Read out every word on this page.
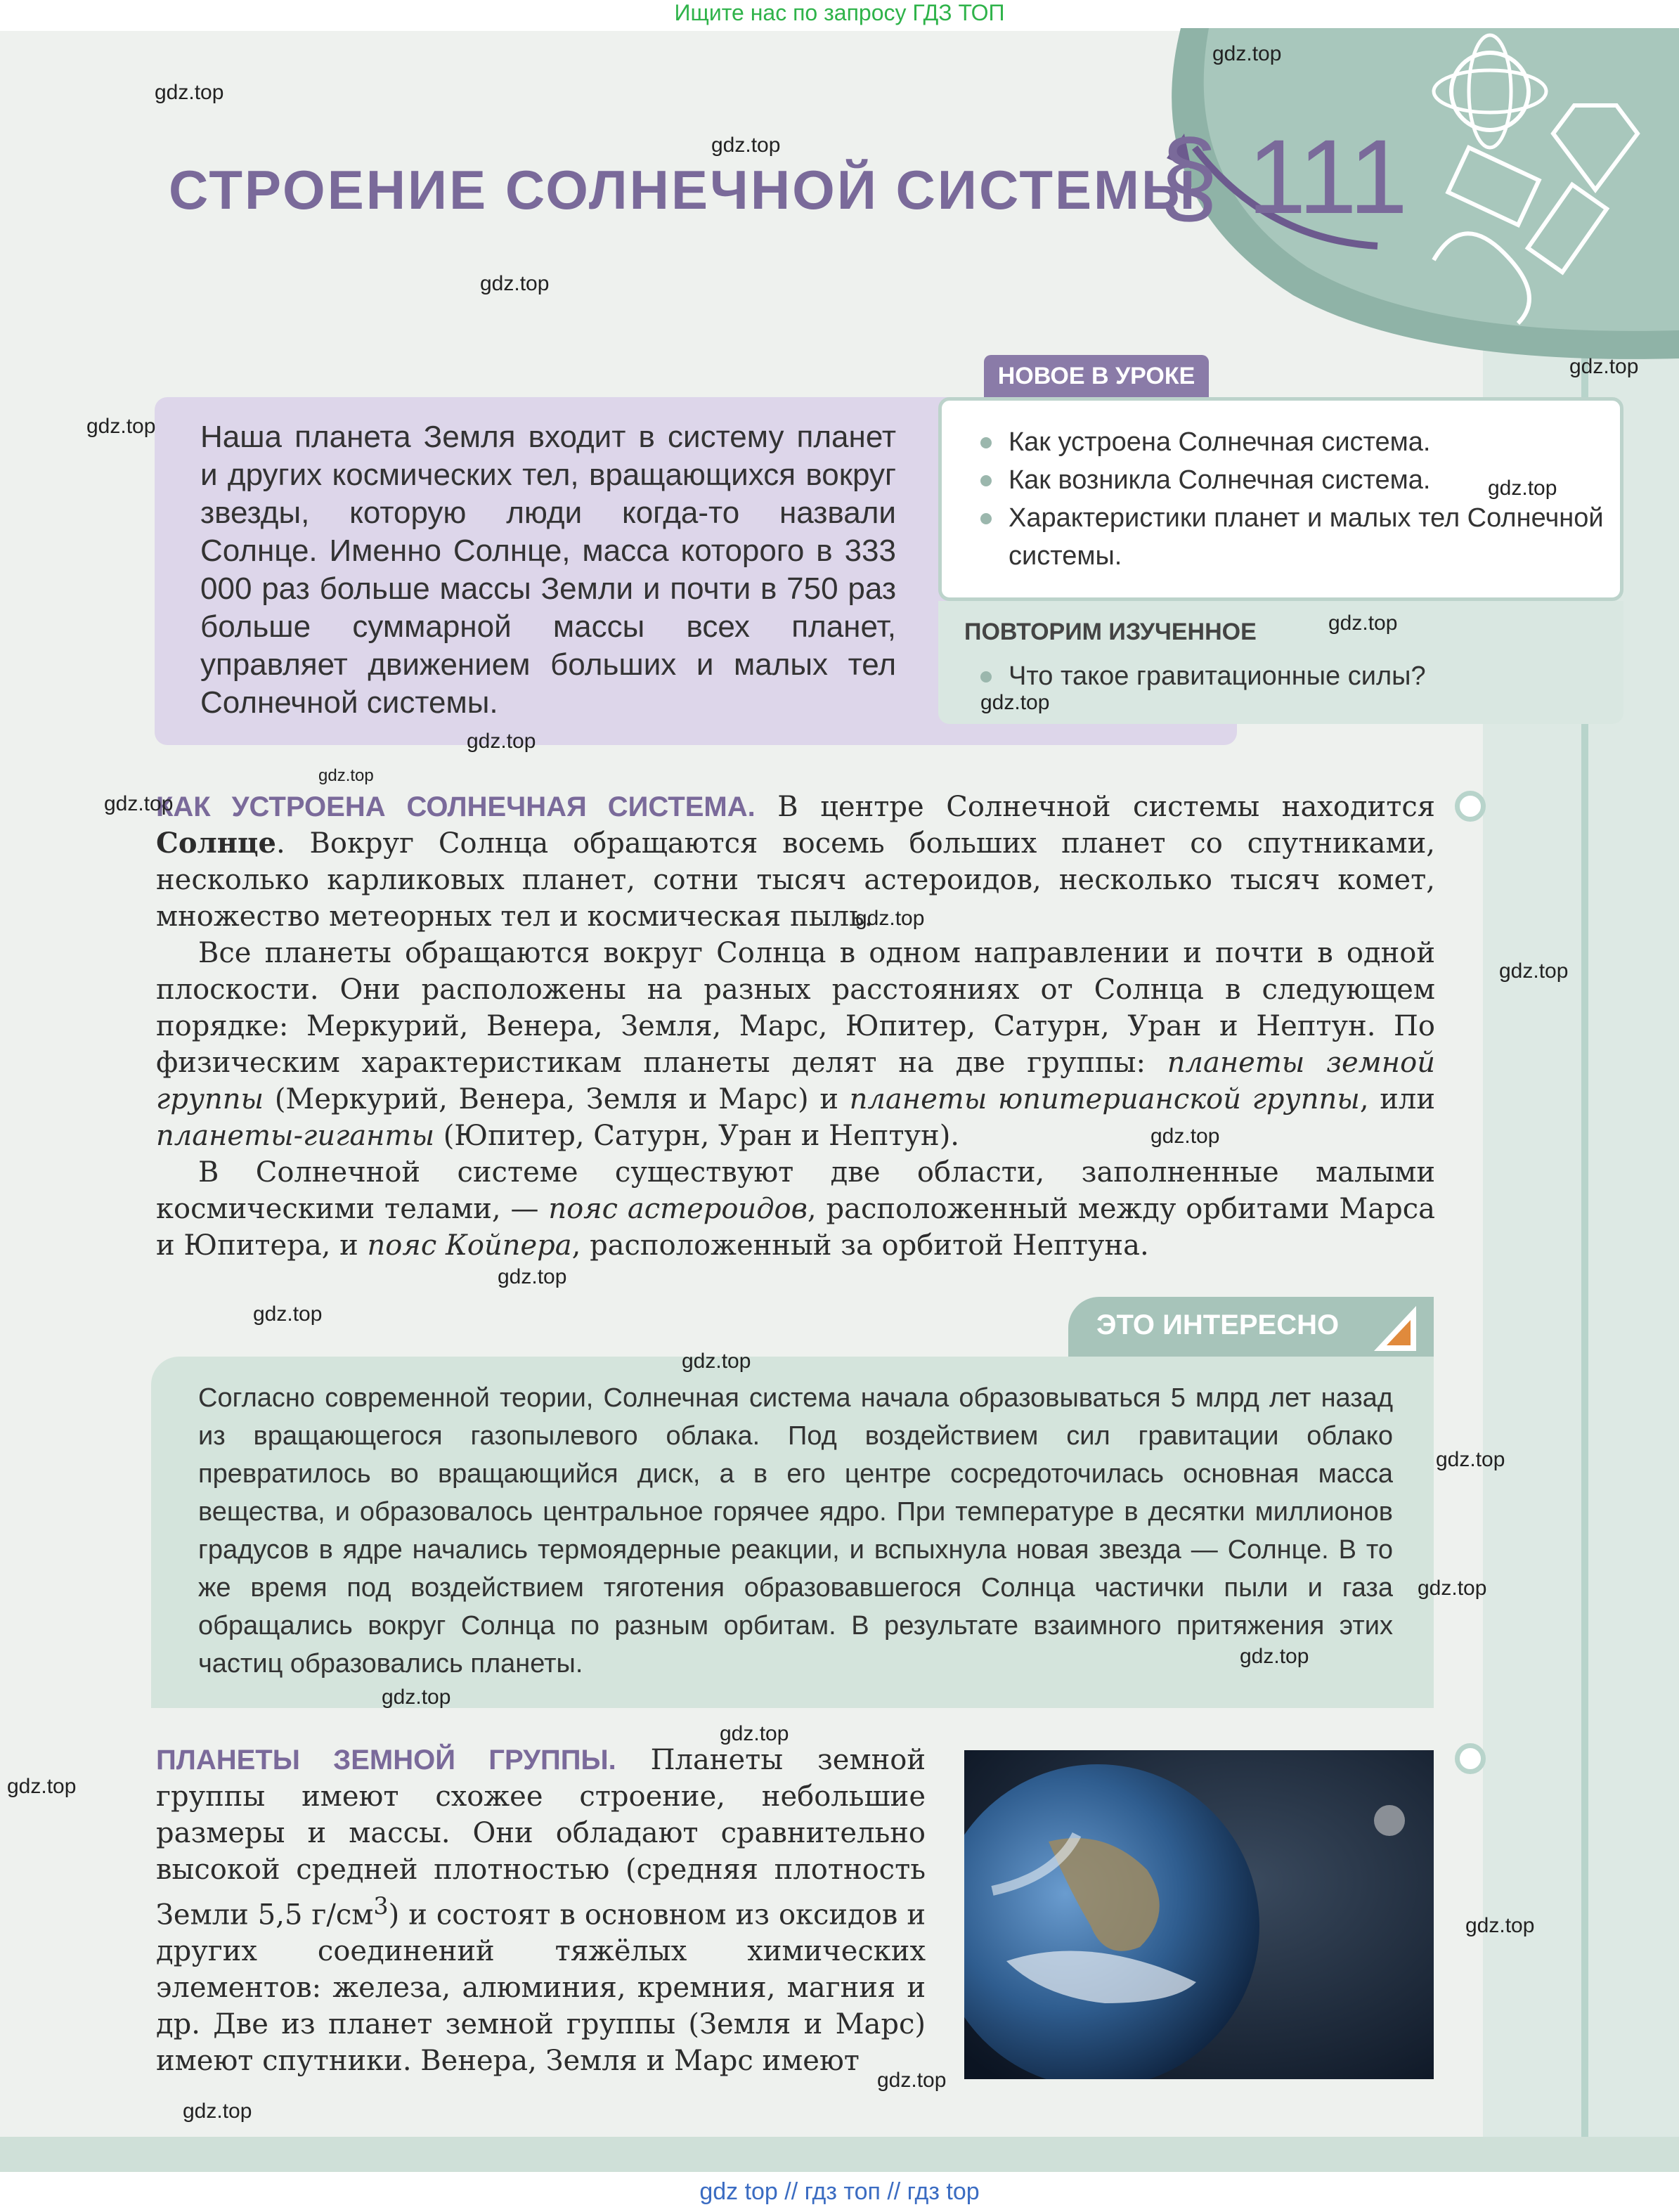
Ищите нас по запросу ГДЗ ТОП
СТРОЕНИЕ СОЛНЕЧНОЙ СИСТЕМЫ
§ 111
Наша планета Земля входит в систему планет и других космических тел, вращающихся вокруг звезды, которую люди когда-то назвали Солнце. Именно Солнце, масса которого в 333 000 раз больше массы Земли и почти в 750 раз больше суммарной массы всех планет, управляет движением больших и малых тел Солнечной системы.
НОВОЕ В УРОКЕ
Как устроена Солнечная система.
Как возникла Солнечная система.
Характеристики планет и малых тел Солнечной системы.
ПОВТОРИМ ИЗУЧЕННОЕ
Что такое гравитационные силы?

КАК УСТРОЕНА СОЛНЕЧНАЯ СИСТЕМА. В центре Солнечной системы находится Солнце. Вокруг Солнца обращаются восемь больших планет со спутниками, несколько карликовых планет, сотни тысяч астероидов, несколько тысяч комет, множество метеорных тел и космическая пыль.

Все планеты обращаются вокруг Солнца в одном направлении и почти в одной плоскости. Они расположены на разных расстояниях от Солнца в следующем порядке: Меркурий, Венера, Земля, Марс, Юпитер, Сатурн, Уран и Нептун. По физическим характеристикам планеты делят на две группы: планеты земной группы (Меркурий, Венера, Земля и Марс) и планеты юпитерианской группы, или планеты-гиганты (Юпитер, Сатурн, Уран и Нептун).

В Солнечной системе существуют две области, заполненные малыми космическими телами, — пояс астероидов, расположенный между орбитами Марса и Юпитера, и пояс Койпера, расположенный за орбитой Нептуна.

ЭТО ИНТЕРЕСНО
Согласно современной теории, Солнечная система начала образовываться 5 млрд лет назад из вращающегося газопылевого облака. Под воздействием сил гравитации облако превратилось во вращающийся диск, а в его центре сосредоточилась основная масса вещества, и образовалось центральное горячее ядро. При температуре в десятки миллионов градусов в ядре начались термоядерные реакции, и вспыхнула новая звезда — Солнце. В то же время под воздействием тяготения образовавшегося Солнца частички пыли и газа обращались вокруг Солнца по разным орбитам. В результате взаимного притяжения этих частиц образовались планеты.
ПЛАНЕТЫ ЗЕМНОЙ ГРУППЫ. Планеты земной группы имеют схожее строение, небольшие размеры и массы. Они обладают сравнительно высокой средней плотностью (средняя плотность Земли 5,5 $г/см^3$) и состоят в основном из оксидов и других соединений тяжёлых химических элементов: железа, алюминия, кремния, магния и др. Две из планет земной группы (Земля и Марс) имеют спутники. Венера, Земля и Марс имеют
gdz.top
gdz.top
gdz.top
gdz.top
gdz.top
gdz.top
gdz.top
gdz.top
gdz.top
gdz.top
gdz.top
gdz.top
gdz.top
gdz.top
gdz.top
gdz.top
gdz.top
gdz.top
gdz.top
gdz.top
gdz.top
gdz.top
gdz.top
gdz.top
gdz.top
gdz.top
gdz.top
gdz top // гдз топ // гдз top
